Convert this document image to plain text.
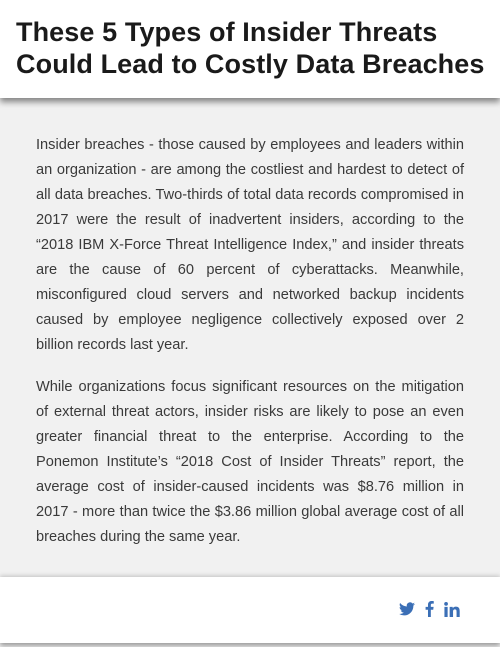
These 5 Types of Insider Threats
Could Lead to Costly Data Breaches

Insider breaches - those caused by employees and leaders within an organization - are among the costliest and hardest to detect of all data breaches. Two-thirds of total data records compromised in 2017 were the result of inadvertent insiders, according to the “2018 IBM X-Force Threat Intelligence Index,” and insider threats are the cause of 60 percent of cyberattacks. Meanwhile, misconfigured cloud servers and networked backup incidents caused by employee negligence collectively exposed over 2 billion records last year.

While organizations focus significant resources on the mitigation of external threat actors, insider risks are likely to pose an even greater financial threat to the enterprise. According to the Ponemon Institute’s “2018 Cost of Insider Threats” report, the average cost of insider-caused incidents was $8.76 million in 2017 - more than twice the $3.86 million global average cost of all breaches during the same year.
